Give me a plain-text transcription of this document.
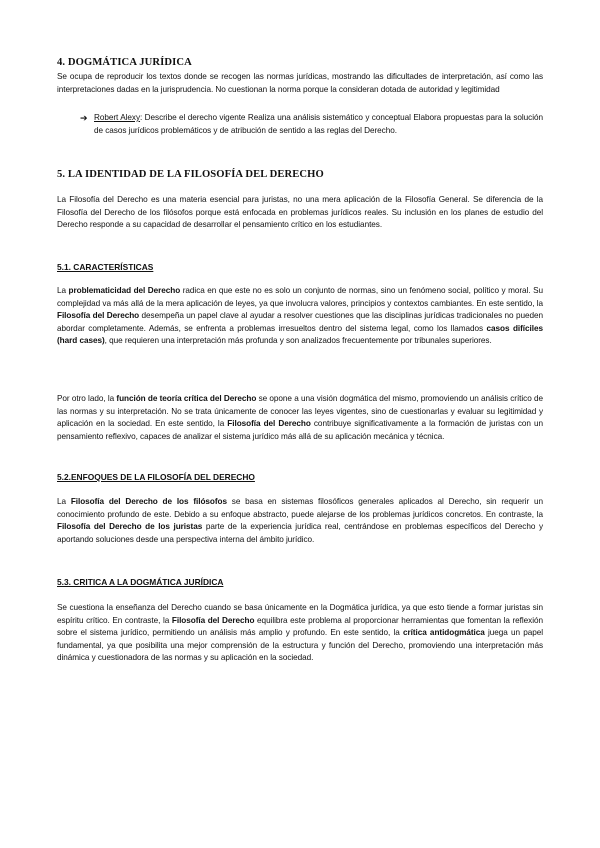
4. DOGMÁTICA JURÍDICA

Se ocupa de reproducir los textos donde se recogen las normas jurídicas, mostrando las dificultades de interpretación, así como las interpretaciones dadas en la jurisprudencia. No cuestionan la norma porque la consideran dotada de autoridad y legitimidad

➔ Robert Alexy: Describe el derecho vigente Realiza una análisis sistemático y conceptual Elabora propuestas para la solución de casos jurídicos problemáticos y de atribución de sentido a las reglas del Derecho.

5. LA IDENTIDAD DE LA FILOSOFÍA DEL DERECHO

La Filosofía del Derecho es una materia esencial para juristas, no una mera aplicación de la Filosofía General. Se diferencia de la Filosofía del Derecho de los filósofos porque está enfocada en problemas jurídicos reales. Su inclusión en los planes de estudio del Derecho responde a su capacidad de desarrollar el pensamiento crítico en los estudiantes.

5.1. CARACTERÍSTICAS

La problematicidad del Derecho radica en que este no es solo un conjunto de normas, sino un fenómeno social, político y moral. Su complejidad va más allá de la mera aplicación de leyes, ya que involucra valores, principios y contextos cambiantes. En este sentido, la Filosofía del Derecho desempeña un papel clave al ayudar a resolver cuestiones que las disciplinas jurídicas tradicionales no pueden abordar completamente. Además, se enfrenta a problemas irresueltos dentro del sistema legal, como los llamados casos difíciles (hard cases), que requieren una interpretación más profunda y son analizados frecuentemente por tribunales superiores.

Por otro lado, la función de teoría crítica del Derecho se opone a una visión dogmática del mismo, promoviendo un análisis crítico de las normas y su interpretación. No se trata únicamente de conocer las leyes vigentes, sino de cuestionarlas y evaluar su legitimidad y aplicación en la sociedad. En este sentido, la Filosofía del Derecho contribuye significativamente a la formación de juristas con un pensamiento reflexivo, capaces de analizar el sistema jurídico más allá de su aplicación mecánica y técnica.

5.2.ENFOQUES DE LA FILOSOFÍA DEL DERECHO

La Filosofía del Derecho de los filósofos se basa en sistemas filosóficos generales aplicados al Derecho, sin requerir un conocimiento profundo de este. Debido a su enfoque abstracto, puede alejarse de los problemas jurídicos concretos. En contraste, la Filosofía del Derecho de los juristas parte de la experiencia jurídica real, centrándose en problemas específicos del Derecho y aportando soluciones desde una perspectiva interna del ámbito jurídico.

5.3. CRITICA A LA DOGMÁTICA JURÍDICA

Se cuestiona la enseñanza del Derecho cuando se basa únicamente en la Dogmática jurídica, ya que esto tiende a formar juristas sin espíritu crítico. En contraste, la Filosofía del Derecho equilibra este problema al proporcionar herramientas que fomentan la reflexión sobre el sistema jurídico, permitiendo un análisis más amplio y profundo. En este sentido, la crítica antidogmática juega un papel fundamental, ya que posibilita una mejor comprensión de la estructura y función del Derecho, promoviendo una interpretación más dinámica y cuestionadora de las normas y su aplicación en la sociedad.
